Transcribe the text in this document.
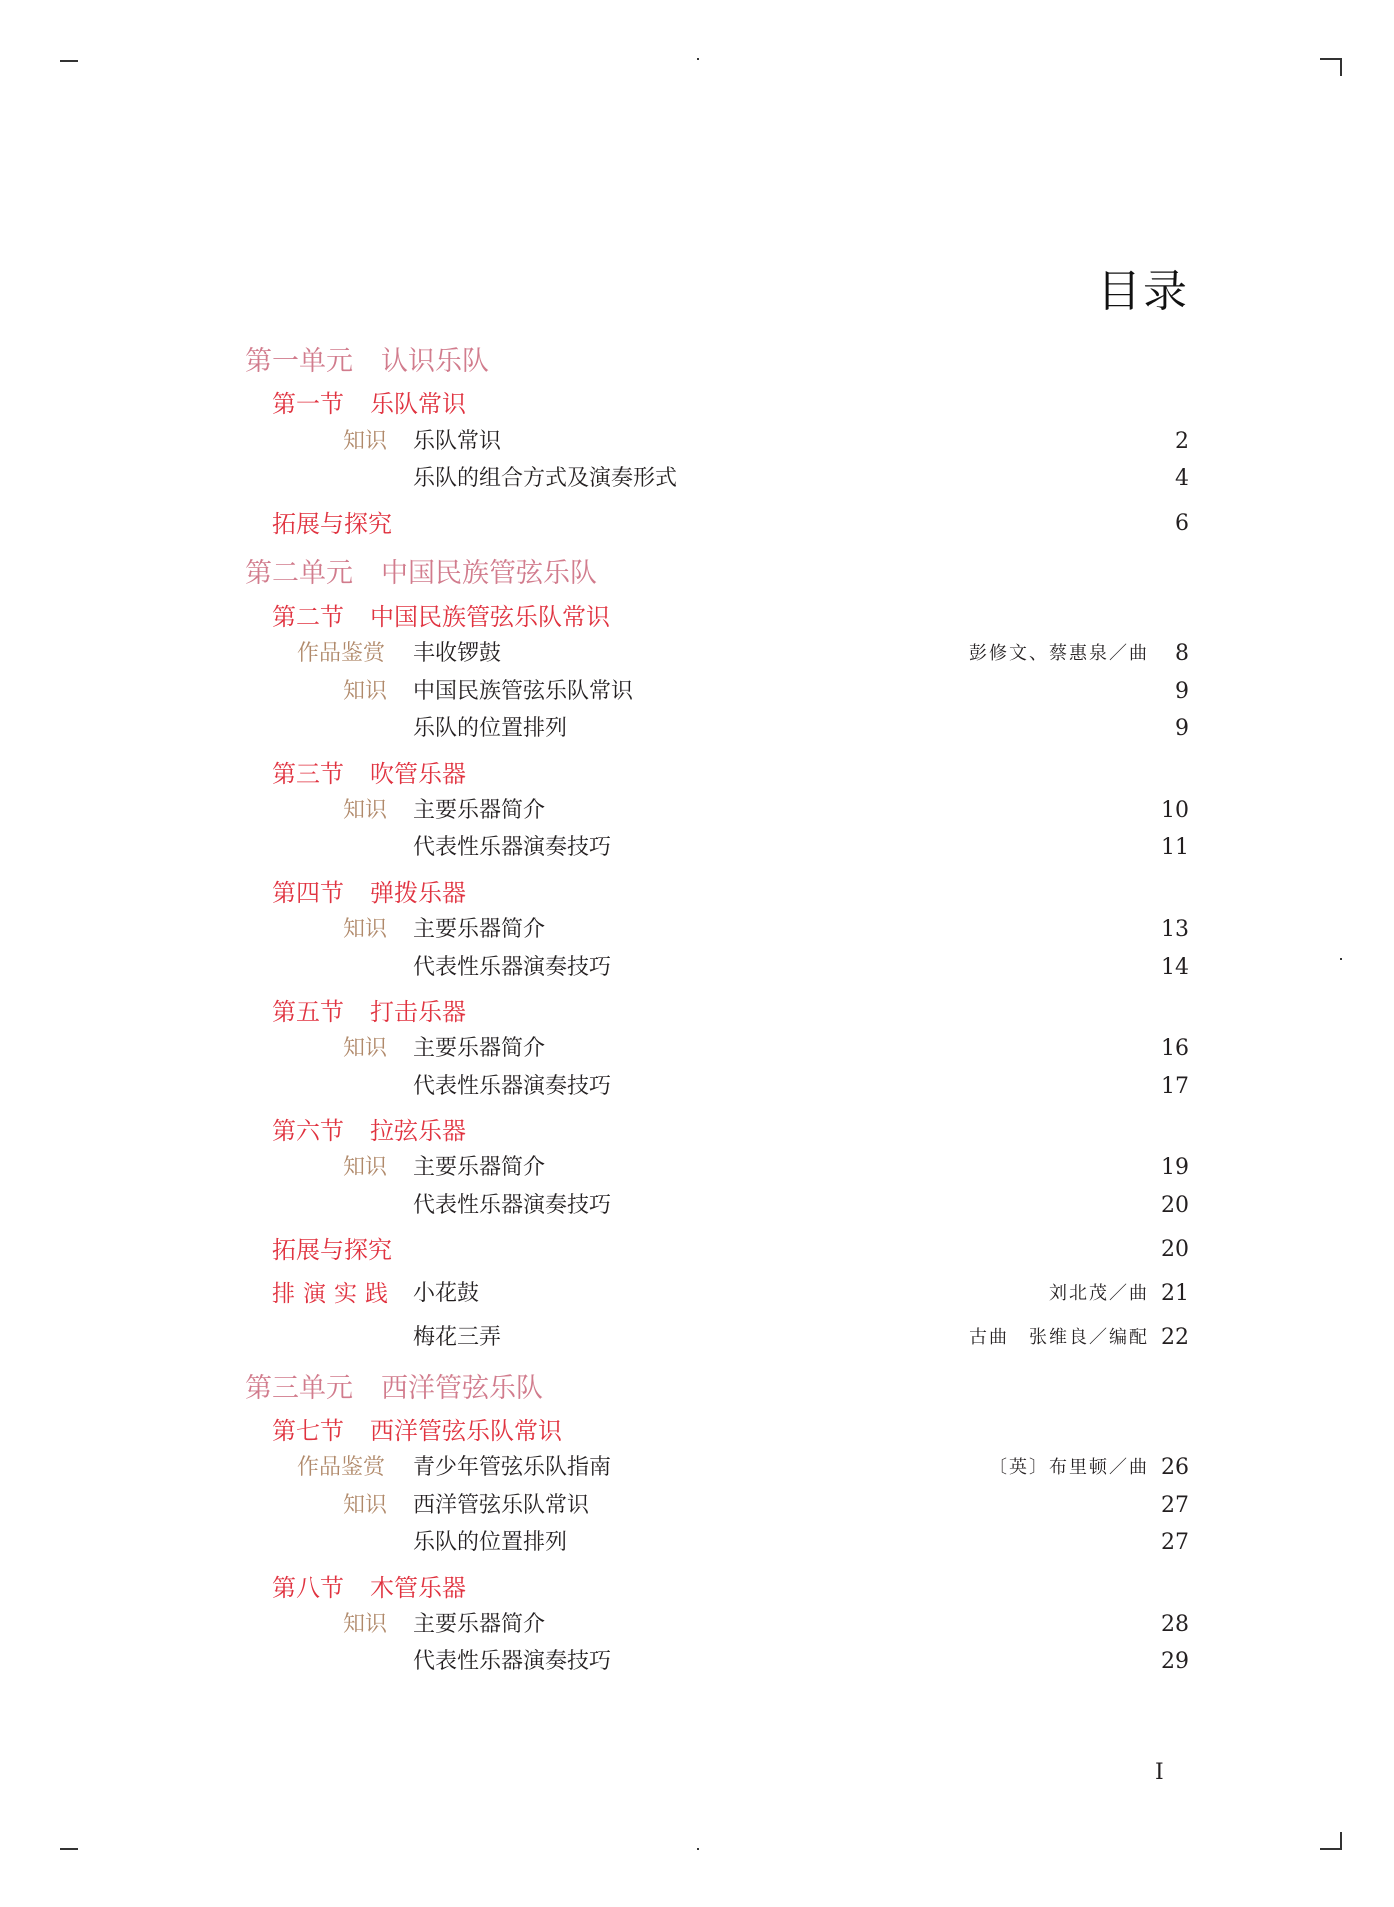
目录
第一单元 认识乐队
第一节 乐队常识
知识 乐队常识	2
乐队的组合方式及演奏形式	4
拓展与探究	6
第二单元 中国民族管弦乐队
第二节 中国民族管弦乐队常识
作品鉴赏 丰收锣鼓	彭修文、蔡惠泉／曲 8
知识 中国民族管弦乐队常识	9
乐队的位置排列	9
第三节 吹管乐器
知识 主要乐器简介	10
代表性乐器演奏技巧	11
第四节 弹拨乐器
知识 主要乐器简介	13
代表性乐器演奏技巧	14
第五节 打击乐器
知识 主要乐器简介	16
代表性乐器演奏技巧	17
第六节 拉弦乐器
知识 主要乐器简介	19
代表性乐器演奏技巧	20
拓展与探究	20
排演实践 小花鼓	刘北茂／曲 21
梅花三弄	古曲　张维良／编配 22
第三单元 西洋管弦乐队
第七节 西洋管弦乐队常识
作品鉴赏 青少年管弦乐队指南	〔英〕布里顿／曲 26
知识 西洋管弦乐队常识	27
乐队的位置排列	27
第八节 木管乐器
知识 主要乐器简介	28
代表性乐器演奏技巧	29
I
